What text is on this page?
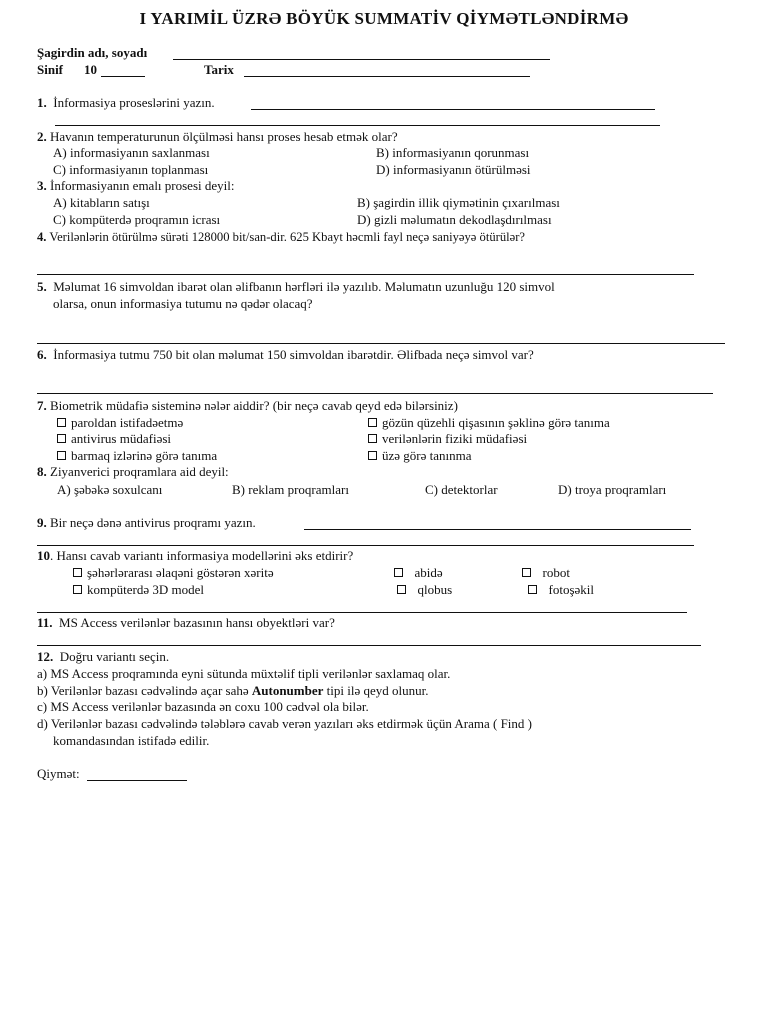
I YARIMİL ÜZRƏ BÖYÜK SUMMATİV QİYMƏTLƏNDİRMƏ
Şagirdin adı, soyadı
Sinif 10	Tarix
1. İnformasiya proseslərini yazın.
2. Havanın temperaturunun ölçülməsi hansı proses hesab etmək olar?
A) informasiyanın saxlanması	B) informasiyanın qorunması
C) informasiyanın toplanması	D) informasiyanın ötürülməsi
3. İnformasiyanın emalı prosesi deyil:
A) kitabların satışı	B) şagirdin illik qiymətinin çıxarılması
C) kompüterdə proqramın icrası	D) gizli məlumatın dekodlaşdırılması
4. Verilənlərin ötürülmə sürəti 128000 bit/san-dir. 625 Kbayt həcmli fayl neçə saniyəyə ötürülər?
5. Məlumat 16 simvoldan ibarət olan əlifbanın hərfləri ilə yazılıb. Məlumatın uzunluğu 120 simvol
olarsa, onun informasiya tutumu nə qədər olacaq?
6. İnformasiya tutmu 750 bit olan məlumat 150 simvoldan ibarətdir. Əlifbada neçə simvol var?
7. Biometrik müdafiə sisteminə nələr aiddir? (bir neçə cavab qeyd edə bilərsiniz)
paroldan istifadəetmə	gözün qüzehli qişasının şəklinə görə tanıma
antivirus müdafiəsi	verilənlərin fiziki müdafiəsi
barmaq izlərinə görə tanıma	üzə görə tanınma
8. Ziyanverici proqramlara aid deyil:
A) şəbəkə soxulcanı	B) reklam proqramları	C) detektorlar	D) troya proqramları
9. Bir neçə dənə antivirus proqramı yazın.
10. Hansı cavab variantı informasiya modellərini əks etdirir?
şəhərlərarası əlaqəni göstərən xəritə	abidə	robot
kompüterdə 3D model	qlobus	fotoşəkil
11. MS Access verilənlər bazasının hansı obyektləri var?
12. Doğru variantı seçin.
a) MS Access proqramında eyni sütunda müxtəlif tipli verilənlər saxlamaq olar.
b) Verilənlər bazası cədvəlində açar sahə Autonumber tipi ilə qeyd olunur.
c) MS Access verilənlər bazasında ən coxu 100 cədvəl ola bilər.
d) Verilənlər bazası cədvəlində tələblərə cavab verən yazıları əks etdirmək üçün Arama ( Find )
komandasından istifadə edilir.
Qiymət:
